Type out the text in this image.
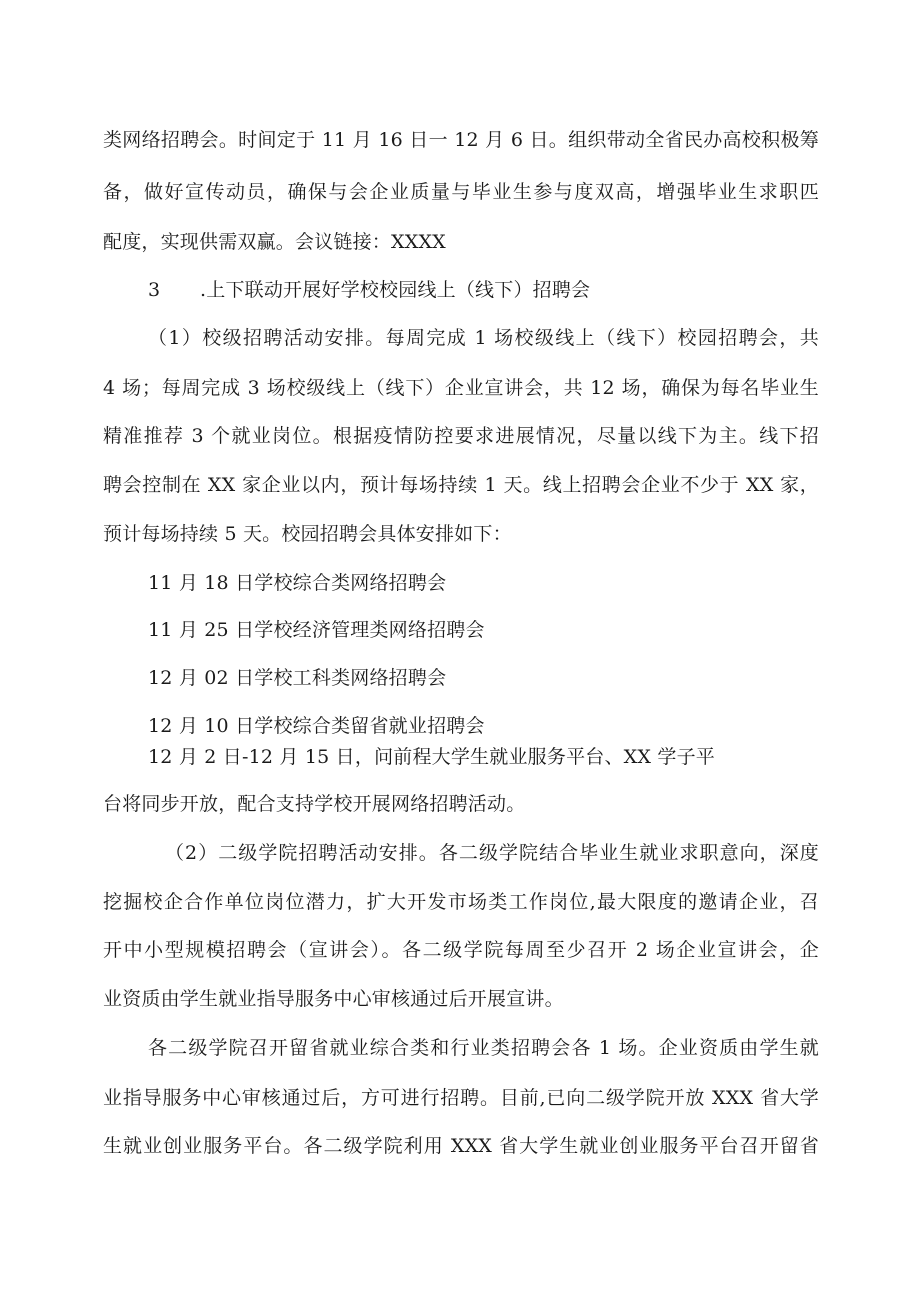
类网络招聘会。时间定于 11 月 16 日一 12 月 6 日。组织带动全省民办高校积极筹
备，做好宣传动员，确保与会企业质量与毕业生参与度双高，增强毕业生求职匹
配度，实现供需双赢。会议链接：XXXX
3 .上下联动开展好学校校园线上（线下）招聘会
（1）校级招聘活动安排。每周完成 1 场校级线上（线下）校园招聘会，共
4 场；每周完成 3 场校级线上（线下）企业宣讲会，共 12 场，确保为每名毕业生
精准推荐 3 个就业岗位。根据疫情防控要求进展情况，尽量以线下为主。线下招
聘会控制在 XX 家企业以内，预计每场持续 1 天。线上招聘会企业不少于 XX 家，
预计每场持续 5 天。校园招聘会具体安排如下：
11 月 18 日学校综合类网络招聘会
11 月 25 日学校经济管理类网络招聘会
12 月 02 日学校工科类网络招聘会
12 月 10 日学校综合类留省就业招聘会
12 月 2 日-12 月 15 日，问前程大学生就业服务平台、XX 学子平
台将同步开放，配合支持学校开展网络招聘活动。
（2）二级学院招聘活动安排。各二级学院结合毕业生就业求职意向，深度
挖掘校企合作单位岗位潜力，扩大开发市场类工作岗位,最大限度的邀请企业，召
开中小型规模招聘会（宣讲会）。各二级学院每周至少召开 2 场企业宣讲会，企
业资质由学生就业指导服务中心审核通过后开展宣讲。
各二级学院召开留省就业综合类和行业类招聘会各 1 场。企业资质由学生就
业指导服务中心审核通过后，方可进行招聘。目前,已向二级学院开放 XXX 省大学
生就业创业服务平台。各二级学院利用 XXX 省大学生就业创业服务平台召开留省
